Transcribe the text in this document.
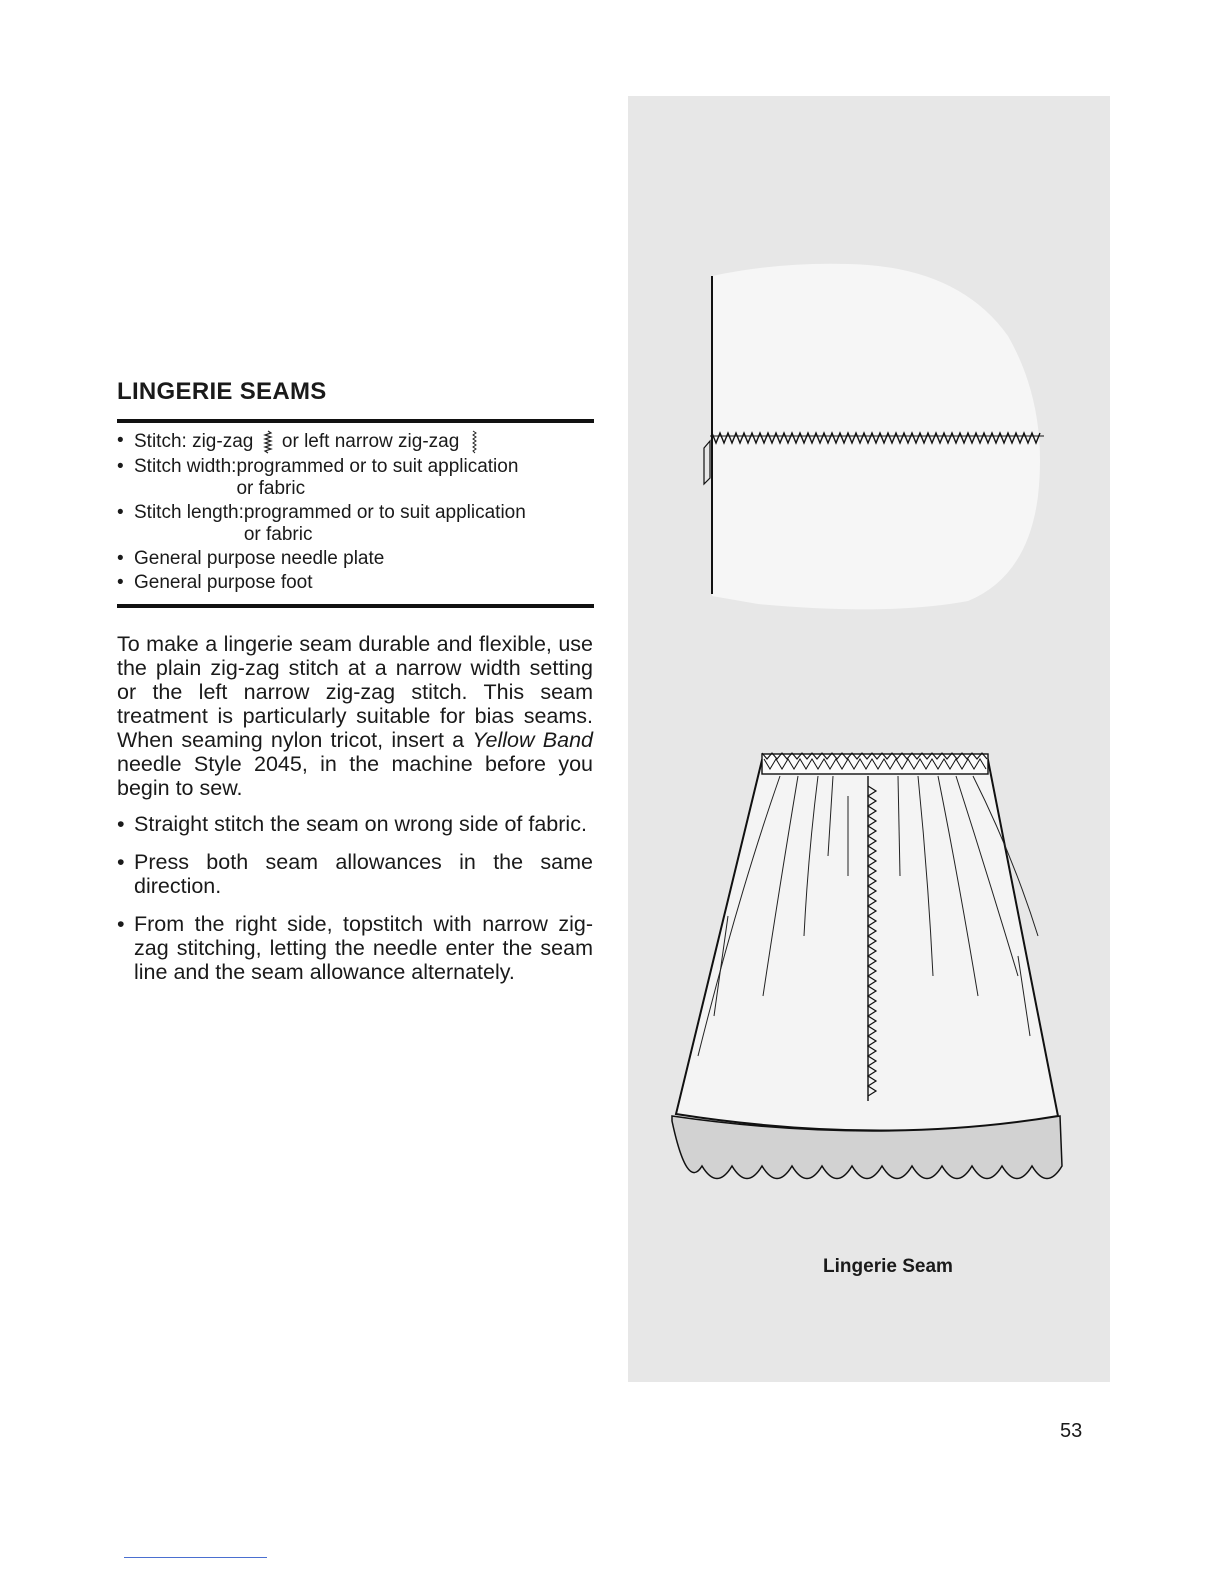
LINGERIE SEAMS
• Stitch: zig-zag or left narrow zig-zag
• Stitch width:programmed or to suit application
or fabric
• Stitch length:programmed or to suit application
or fabric
• General purpose needle plate
• General purpose foot

To make a lingerie seam durable and flexible, use the plain zig-zag stitch at a narrow width setting or the left narrow zig-zag stitch. This seam treatment is particularly suitable for bias seams. When seaming nylon tricot, insert a Yellow Band needle Style 2045, in the machine before you begin to sew.

• Straight stitch the seam on wrong side of fabric.
• Press both seam allowances in the same direction.
• From the right side, topstitch with narrow zig-zag stitching, letting the needle enter the seam line and the seam allowance alternately.
Lingerie Seam
53
